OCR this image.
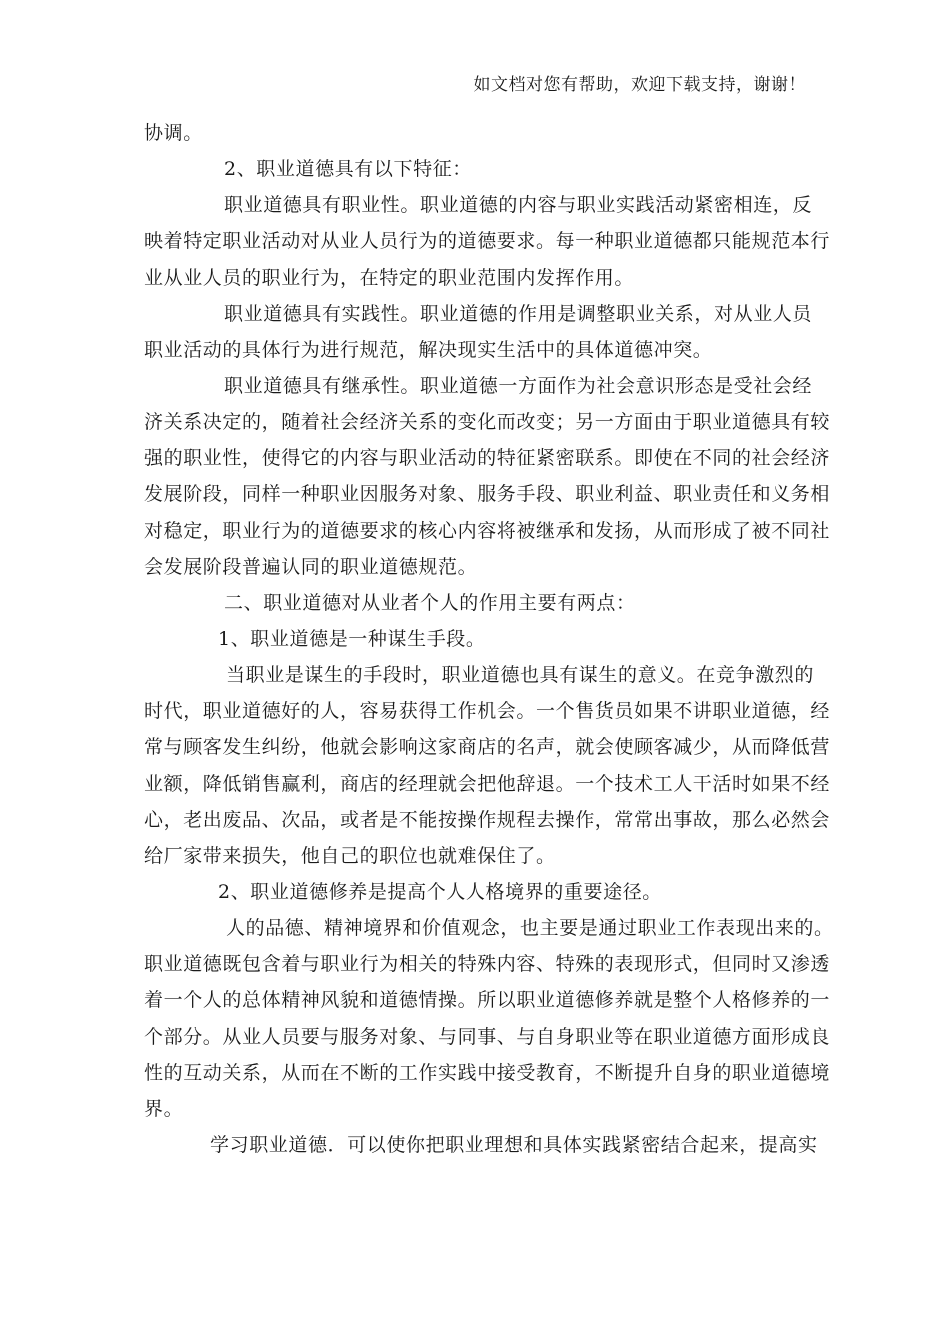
如文档对您有帮助，欢迎下载支持，谢谢！
协调。
2、职业道德具有以下特征：
职业道德具有职业性。职业道德的内容与职业实践活动紧密相连，反
映着特定职业活动对从业人员行为的道德要求。每一种职业道德都只能规范本行
业从业人员的职业行为，在特定的职业范围内发挥作用。
职业道德具有实践性。职业道德的作用是调整职业关系，对从业人员
职业活动的具体行为进行规范，解决现实生活中的具体道德冲突。
职业道德具有继承性。职业道德一方面作为社会意识形态是受社会经
济关系决定的，随着社会经济关系的变化而改变；另一方面由于职业道德具有较
强的职业性，使得它的内容与职业活动的特征紧密联系。即使在不同的社会经济
发展阶段，同样一种职业因服务对象、服务手段、职业利益、职业责任和义务相
对稳定，职业行为的道德要求的核心内容将被继承和发扬，从而形成了被不同社
会发展阶段普遍认同的职业道德规范。
二、职业道德对从业者个人的作用主要有两点：
1、职业道德是一种谋生手段。
当职业是谋生的手段时，职业道德也具有谋生的意义。在竞争激烈的
时代，职业道德好的人，容易获得工作机会。一个售货员如果不讲职业道德，经
常与顾客发生纠纷，他就会影响这家商店的名声，就会使顾客减少，从而降低营
业额，降低销售赢利，商店的经理就会把他辞退。一个技术工人干活时如果不经
心，老出废品、次品，或者是不能按操作规程去操作，常常出事故，那么必然会
给厂家带来损失，他自己的职位也就难保住了。
2、职业道德修养是提高个人人格境界的重要途径。
人的品德、精神境界和价值观念，也主要是通过职业工作表现出来的。
职业道德既包含着与职业行为相关的特殊内容、特殊的表现形式，但同时又渗透
着一个人的总体精神风貌和道德情操。所以职业道德修养就是整个人格修养的一
个部分。从业人员要与服务对象、与同事、与自身职业等在职业道德方面形成良
性的互动关系，从而在不断的工作实践中接受教育，不断提升自身的职业道德境
界。
学习职业道德．可以使你把职业理想和具体实践紧密结合起来，提高实
